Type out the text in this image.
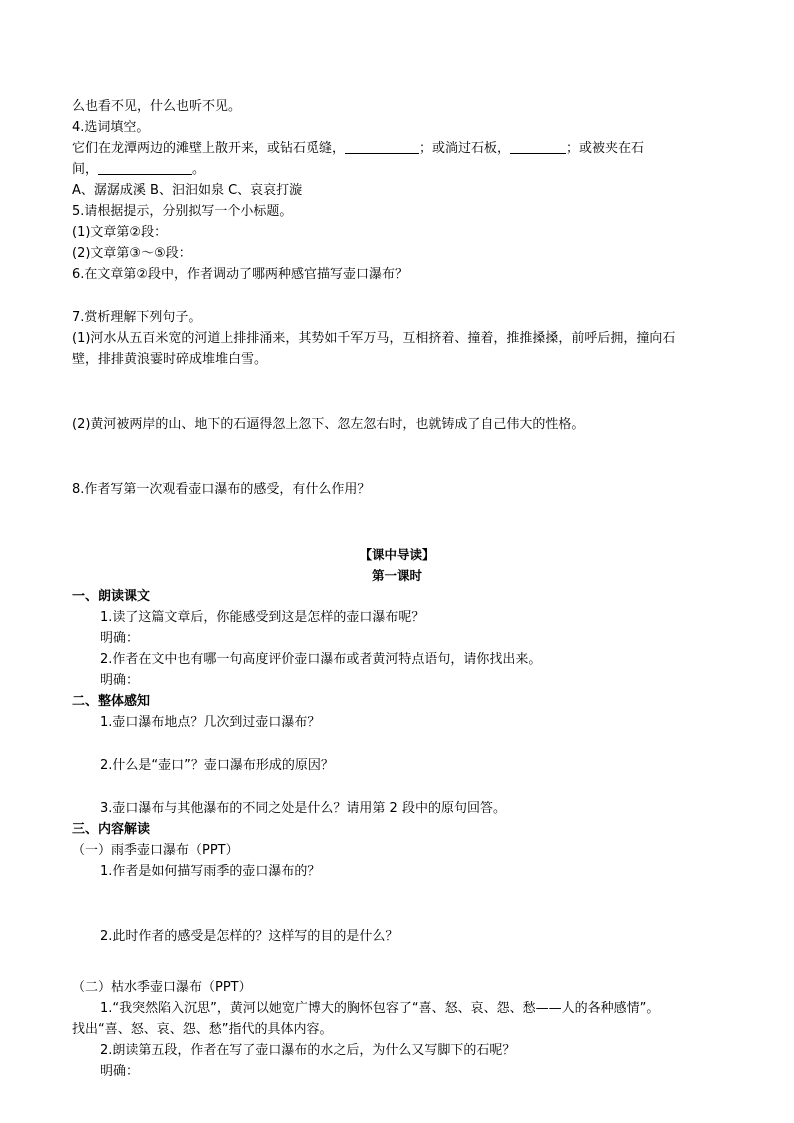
么也看不见，什么也听不见。

4.选词填空。

它们在龙潭两边的滩壁上散开来，或钻石觅缝，	；或淌过石板，	；或被夹在石

间，	。

A、潺潺成溪 B、汩汩如泉 C、哀哀打漩

5.请根据提示，分别拟写一个小标题。

(1)文章第②段：

(2)文章第③～⑤段：

6.在文章第②段中，作者调动了哪两种感官描写壶口瀑布？

7.赏析理解下列句子。

(1)河水从五百米宽的河道上排排涌来，其势如千军万马，互相挤着、撞着，推推搡搡，前呼后拥，撞向石

壁，排排黄浪霎时碎成堆堆白雪。

(2)黄河被两岸的山、地下的石逼得忽上忽下、忽左忽右时，也就铸成了自己伟大的性格。

8.作者写第一次观看壶口瀑布的感受，有什么作用？

【课中导读】

第一课时

一、朗读课文

1.读了这篇文章后，你能感受到这是怎样的壶口瀑布呢？

明确：

2.作者在文中也有哪一句高度评价壶口瀑布或者黄河特点语句，请你找出来。

明确：

二、整体感知

1.壶口瀑布地点？几次到过壶口瀑布？

2.什么是“壶口”？壶口瀑布形成的原因？

3.壶口瀑布与其他瀑布的不同之处是什么？请用第 2 段中的原句回答。

三、内容解读

（一）雨季壶口瀑布（PPT）

1.作者是如何描写雨季的壶口瀑布的？

2.此时作者的感受是怎样的？这样写的目的是什么？

（二）枯水季壶口瀑布（PPT）

1.“我突然陷入沉思”，黄河以她宽广博大的胸怀包容了“喜、怒、哀、怨、愁——人的各种感情”。

找出“喜、怒、哀、怨、愁”指代的具体内容。

2.朗读第五段，作者在写了壶口瀑布的水之后，为什么又写脚下的石呢？

明确：
